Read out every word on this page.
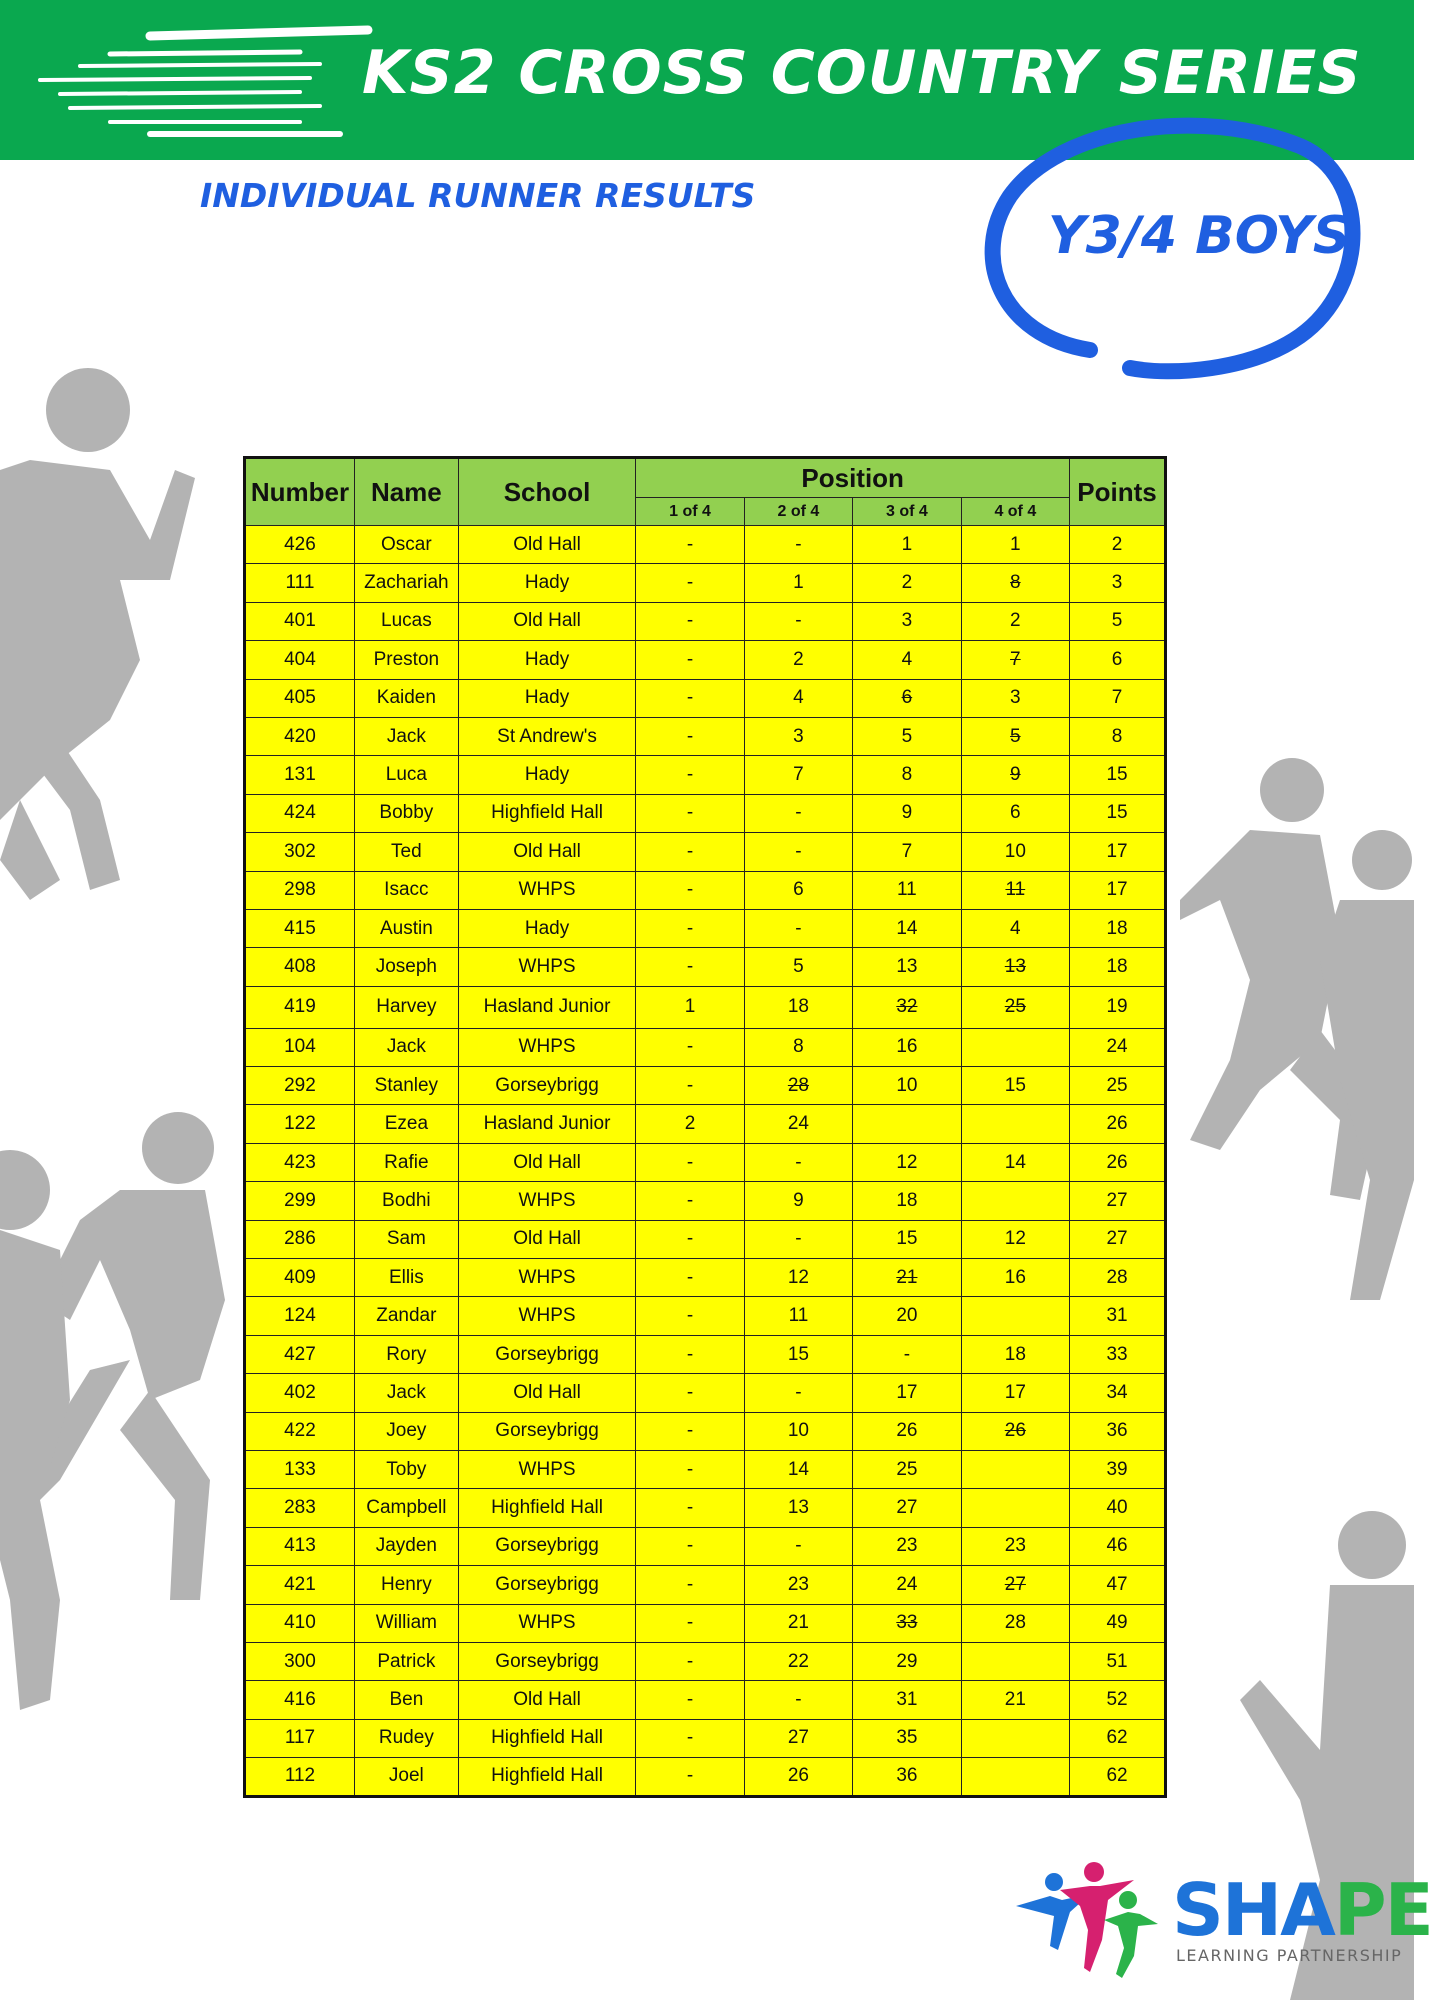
KS2 CROSS COUNTRY SERIES
INDIVIDUAL RUNNER RESULTS
Y3/4 BOYS
Number	Name	School	Position				Points
			1 of 4	2 of 4	3 of 4	4 of 4	
426	Oscar	Old Hall	-	-	1	1	2
111	Zachariah	Hady	-	1	2	8	3
401	Lucas	Old Hall	-	-	3	2	5
404	Preston	Hady	-	2	4	7	6
405	Kaiden	Hady	-	4	6	3	7
420	Jack	St Andrew's	-	3	5	5	8
131	Luca	Hady	-	7	8	9	15
424	Bobby	Highfield Hall	-	-	9	6	15
302	Ted	Old Hall	-	-	7	10	17
298	Isacc	WHPS	-	6	11	11	17
415	Austin	Hady	-	-	14	4	18
408	Joseph	WHPS	-	5	13	13	18
419	Harvey	Hasland Junior	1	18	32	25	19
104	Jack	WHPS	-	8	16		24
292	Stanley	Gorseybrigg	-	28	10	15	25
122	Ezea	Hasland Junior	2	24			26
423	Rafie	Old Hall	-	-	12	14	26
299	Bodhi	WHPS	-	9	18		27
286	Sam	Old Hall	-	-	15	12	27
409	Ellis	WHPS	-	12	21	16	28
124	Zandar	WHPS	-	11	20		31
427	Rory	Gorseybrigg	-	15	-	18	33
402	Jack	Old Hall	-	-	17	17	34
422	Joey	Gorseybrigg	-	10	26	26	36
133	Toby	WHPS	-	14	25		39
283	Campbell	Highfield Hall	-	13	27		40
413	Jayden	Gorseybrigg	-	-	23	23	46
421	Henry	Gorseybrigg	-	23	24	27	47
410	William	WHPS	-	21	33	28	49
300	Patrick	Gorseybrigg	-	22	29		51
416	Ben	Old Hall	-	-	31	21	52
117	Rudey	Highfield Hall	-	27	35		62
112	Joel	Highfield Hall	-	26	36		62
SHAPE
LEARNING PARTNERSHIP
